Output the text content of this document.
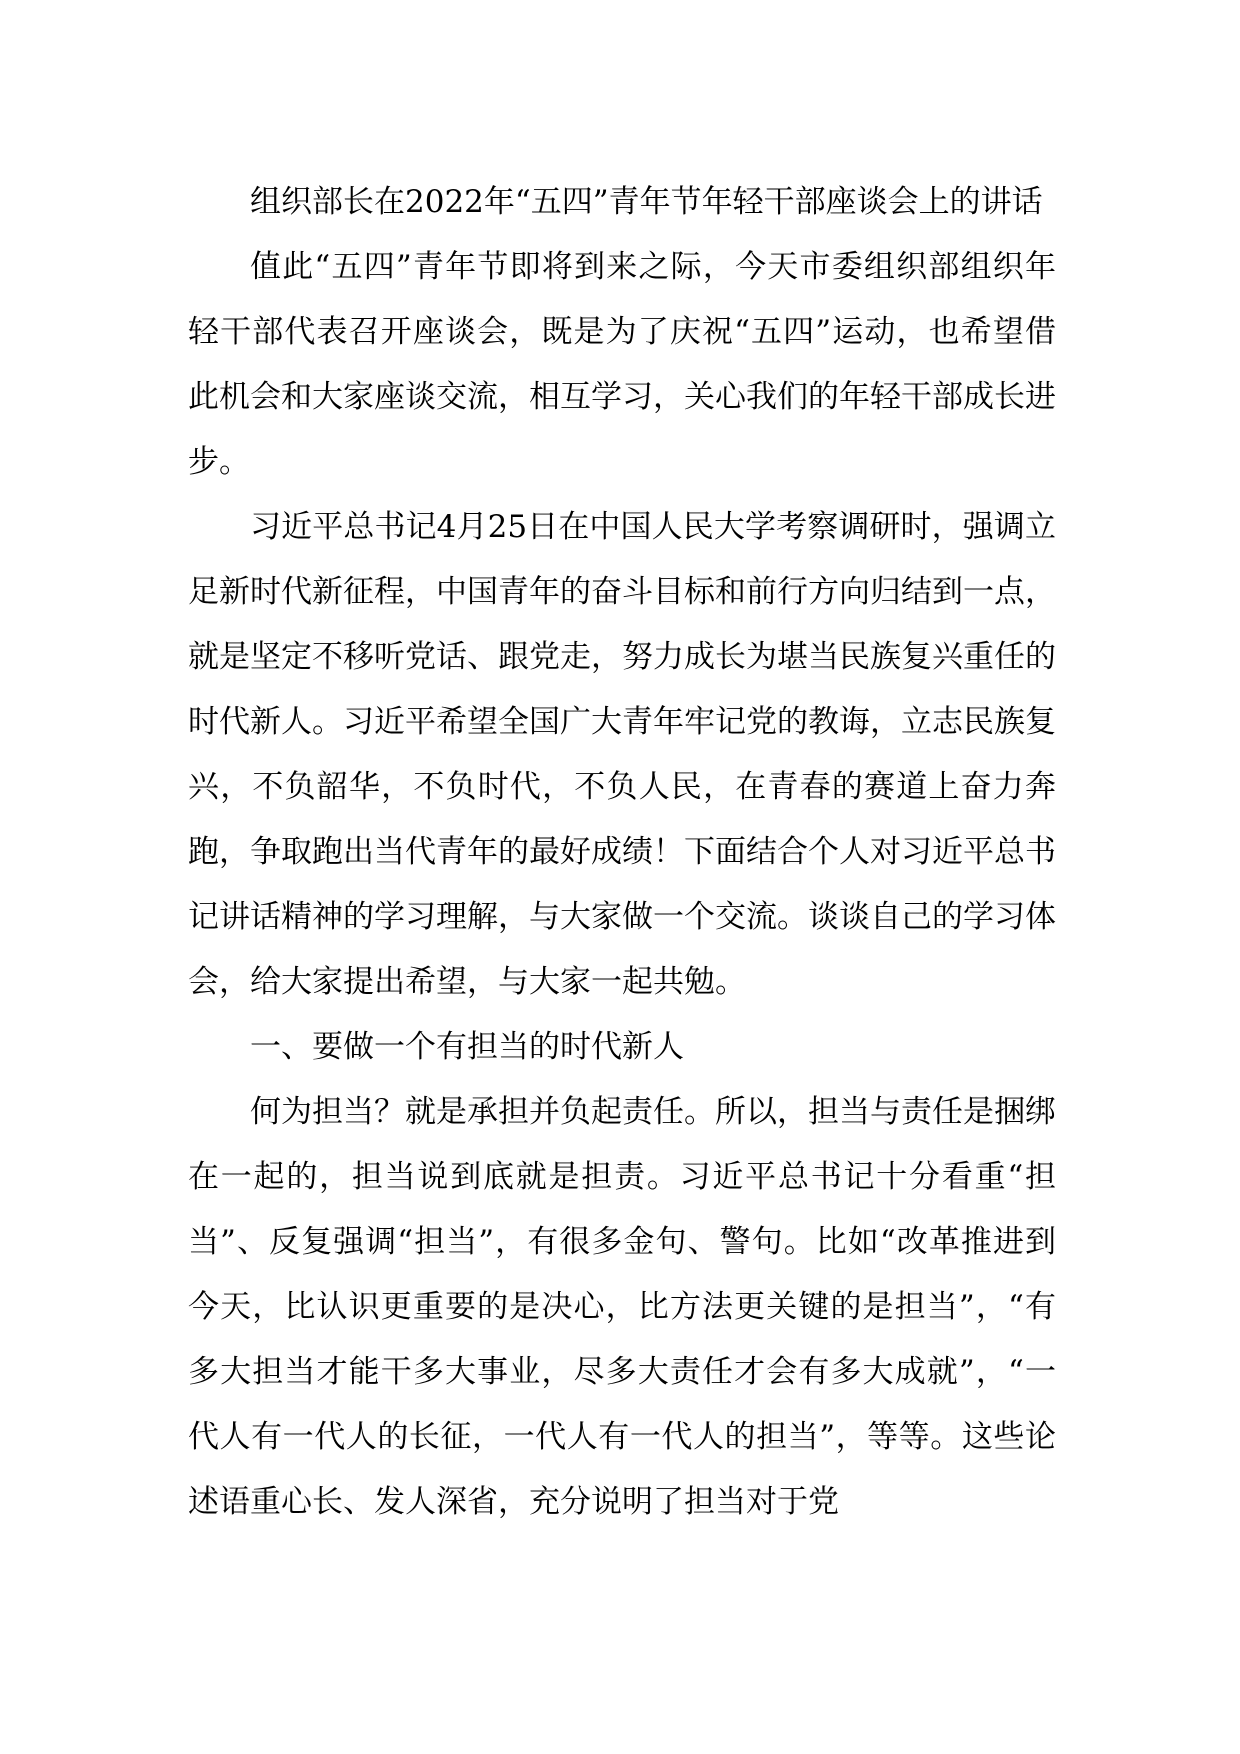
组织部长在2022年“五四”青年节年轻干部座谈会上的讲话

值此“五四”青年节即将到来之际，今天市委组织部组织年轻干部代表召开座谈会，既是为了庆祝“五四”运动，也希望借此机会和大家座谈交流，相互学习，关心我们的年轻干部成长进步。

习近平总书记4月25日在中国人民大学考察调研时，强调立足新时代新征程，中国青年的奋斗目标和前行方向归结到一点，就是坚定不移听党话、跟党走，努力成长为堪当民族复兴重任的时代新人。习近平希望全国广大青年牢记党的教诲，立志民族复兴，不负韶华，不负时代，不负人民，在青春的赛道上奋力奔跑，争取跑出当代青年的最好成绩！下面结合个人对习近平总书记讲话精神的学习理解，与大家做一个交流。谈谈自己的学习体会，给大家提出希望，与大家一起共勉。

一、要做一个有担当的时代新人

何为担当？就是承担并负起责任。所以，担当与责任是捆绑在一起的，担当说到底就是担责。习近平总书记十分看重“担当”、反复强调“担当”，有很多金句、警句。比如“改革推进到今天，比认识更重要的是决心，比方法更关键的是担当”，“有多大担当才能干多大事业，尽多大责任才会有多大成就”，“一代人有一代人的长征，一代人有一代人的担当”，等等。这些论述语重心长、发人深省，充分说明了担当对于党
